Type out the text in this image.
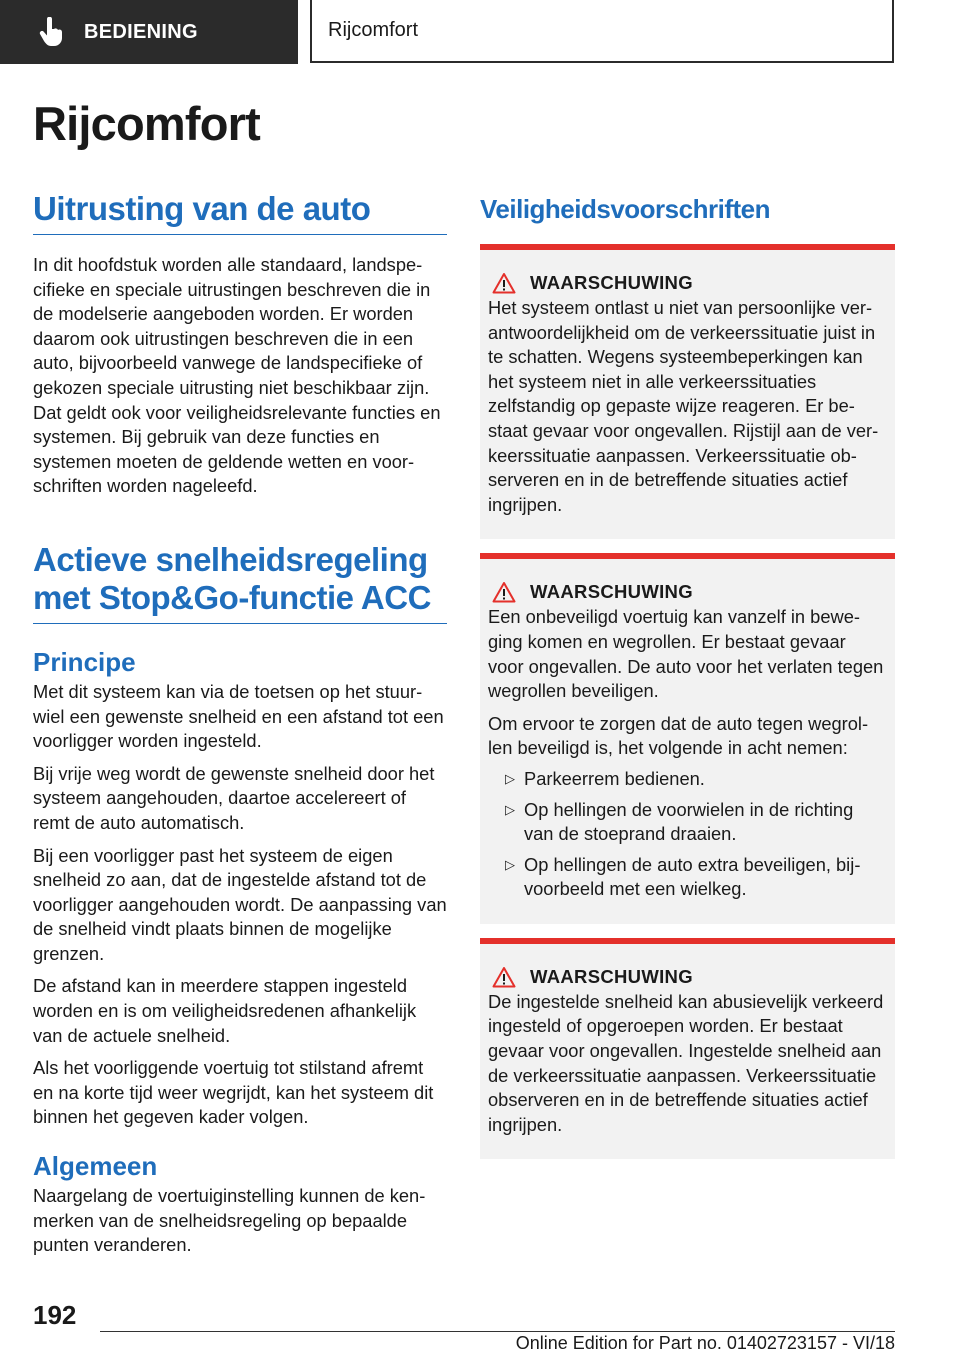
BEDIENING	Rijcomfort
Rijcomfort
Uitrusting van de auto

In dit hoofdstuk worden alle standaard, landspecifieke en speciale uitrustingen beschreven die in de modelserie aangeboden worden. Er worden daarom ook uitrustingen beschreven die in een auto, bijvoorbeeld vanwege de landspecifieke of gekozen speciale uitrusting niet beschikbaar zijn. Dat geldt ook voor veiligheidsrelevante functies en systemen. Bij gebruik van deze functies en systemen moeten de geldende wetten en voorschriften worden nageleefd.

Actieve snelheidsregeling met Stop&Go-functie ACC
Principe

Met dit systeem kan via de toetsen op het stuurwiel een gewenste snelheid en een afstand tot een voorligger worden ingesteld.

Bij vrije weg wordt de gewenste snelheid door het systeem aangehouden, daartoe accelereert of remt de auto automatisch.

Bij een voorligger past het systeem de eigen snelheid zo aan, dat de ingestelde afstand tot de voorligger aangehouden wordt. De aanpassing van de snelheid vindt plaats binnen de mogelijke grenzen.

De afstand kan in meerdere stappen ingesteld worden en is om veiligheidsredenen afhankelijk van de actuele snelheid.

Als het voorliggende voertuig tot stilstand afremt en na korte tijd weer wegrijdt, kan het systeem dit binnen het gegeven kader volgen.

Algemeen

Naargelang de voertuiginstelling kunnen de kenmerken van de snelheidsregeling op bepaalde punten veranderen.

Veiligheidsvoorschriften
WAARSCHUWING

Het systeem ontlast u niet van persoonlijke verantwoordelijkheid om de verkeerssituatie juist in te schatten. Wegens systeembeperkingen kan het systeem niet in alle verkeerssituaties zelfstandig op gepaste wijze reageren. Er bestaat gevaar voor ongevallen. Rijstijl aan de verkeerssituatie aanpassen. Verkeerssituatie observeren en in de betreffende situaties actief ingrijpen.

WAARSCHUWING

Een onbeveiligd voertuig kan vanzelf in beweging komen en wegrollen. Er bestaat gevaar voor ongevallen. De auto voor het verlaten tegen wegrollen beveiligen.

Om ervoor te zorgen dat de auto tegen wegrollen beveiligd is, het volgende in acht nemen:

▷ Parkeerrem bedienen.
▷ Op hellingen de voorwielen in de richting van de stoeprand draaien.
▷ Op hellingen de auto extra beveiligen, bijvoorbeeld met een wielkeg.
WAARSCHUWING

De ingestelde snelheid kan abusievelijk verkeerd ingesteld of opgeroepen worden. Er bestaat gevaar voor ongevallen. Ingestelde snelheid aan de verkeerssituatie aanpassen. Verkeerssituatie observeren en in de betreffende situaties actief ingrijpen.

192
Online Edition for Part no. 01402723157 - VI/18
